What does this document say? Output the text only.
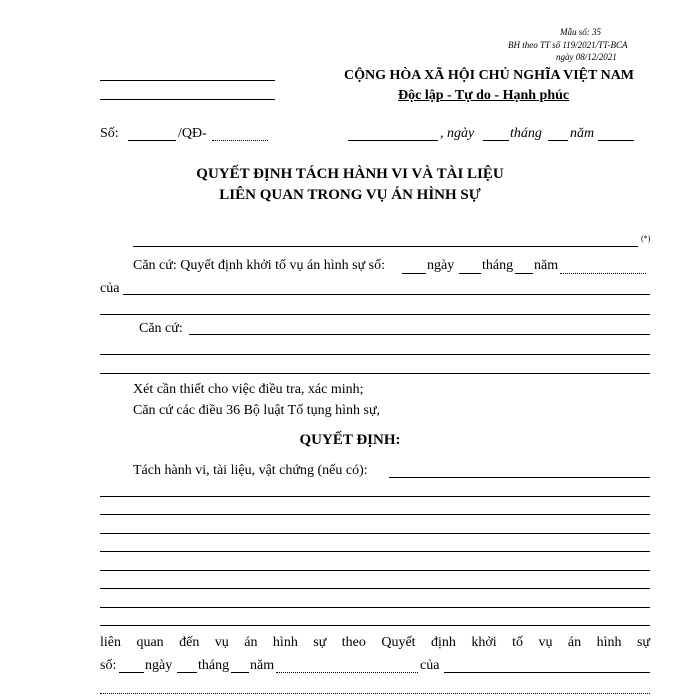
Mẫu số: 35
BH theo TT số 119/2021/TT-BCA
ngày 08/12/2021
CỘNG HÒA XÃ HỘI CHỦ NGHĨA VIỆT NAM
Độc lập - Tự do - Hạnh phúc
Số:	/QĐ-	, ngày	tháng năm
QUYẾT ĐỊNH TÁCH HÀNH VI VÀ TÀI LIỆU
LIÊN QUAN TRONG VỤ ÁN HÌNH SỰ
(*)
Căn cứ: Quyết định khởi tố vụ án hình sự số:	ngày tháng năm
của
Căn cứ:
Xét cần thiết cho việc điều tra, xác minh;
Căn cứ các điều 36 Bộ luật Tố tụng hình sự,
QUYẾT ĐỊNH:
Tách hành vi, tài liệu, vật chứng (nếu có):
liên quan đến vụ án hình sự theo Quyết định khởi tố vụ án hình sự
số: ngày tháng năm	của
